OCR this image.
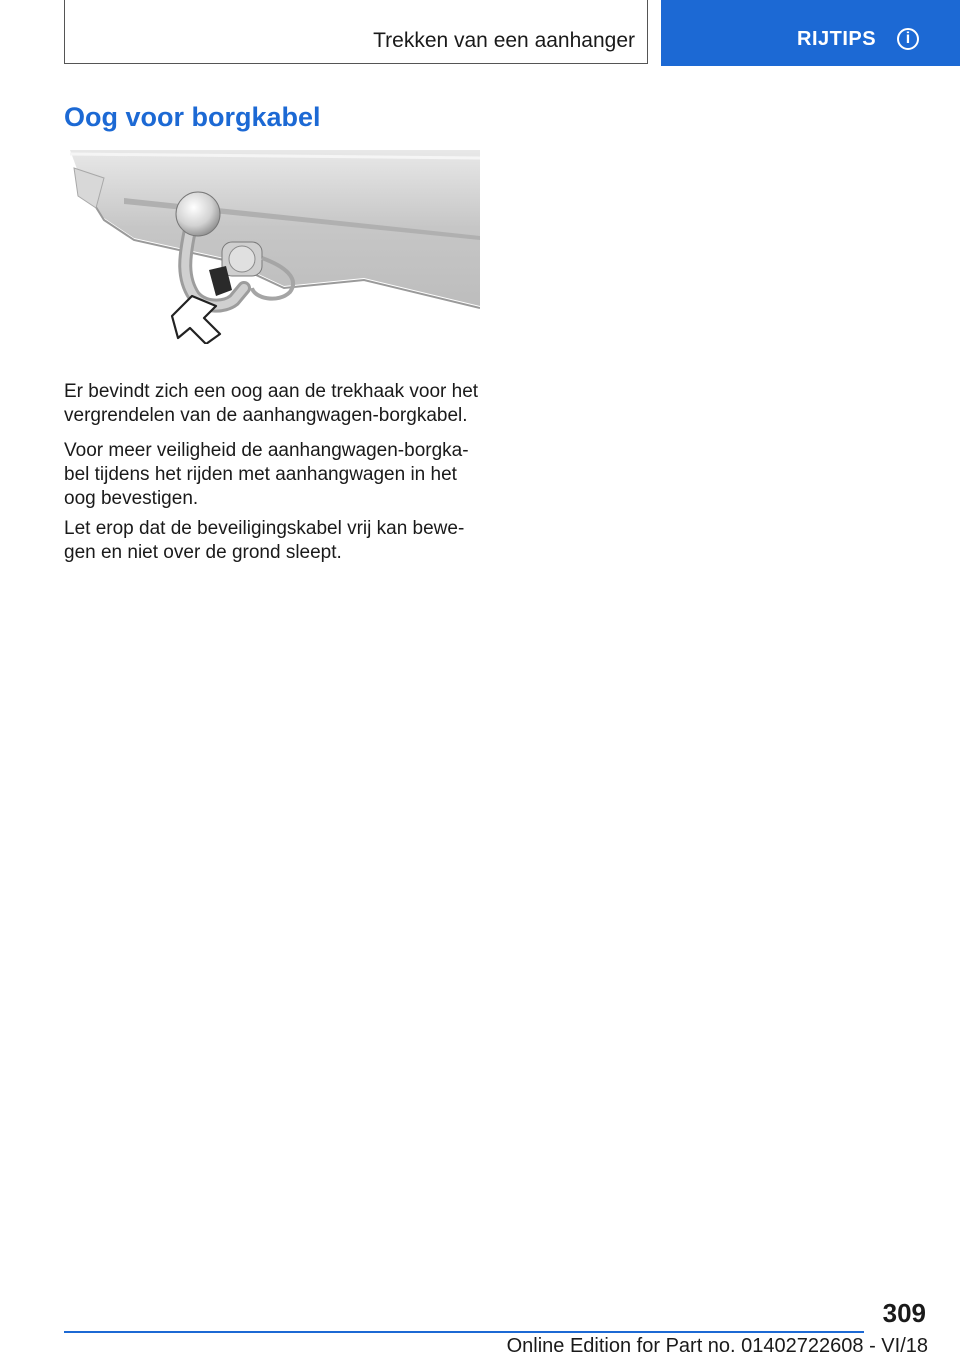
Trekken van een aanhanger	RIJTIPS	i
Oog voor borgkabel

Er bevindt zich een oog aan de trekhaak voor het vergrendelen van de aanhangwagen-borgkabel.

Voor meer veiligheid de aanhangwagen-borgkabel tijdens het rijden met aanhangwagen in het oog bevestigen.

Let erop dat de beveiligingskabel vrij kan bewegen en niet over de grond sleept.

309
Online Edition for Part no. 01402722608 - VI/18
